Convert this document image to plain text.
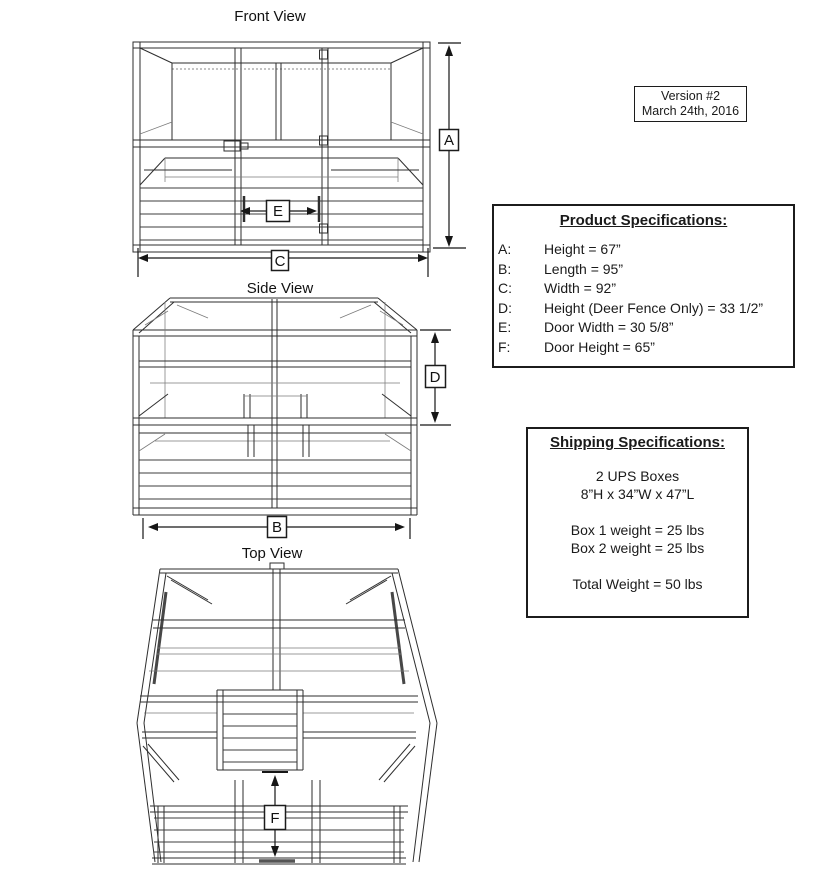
Front View
Side View
Top View
E
A
C
D
B
F
Version #2
March 24th, 2016
Product Specifications:
A:	Height = 67”
B:	Length = 95”
C:	Width = 92”
D:	Height (Deer Fence Only) = 33 1/2”
E:	Door Width = 30 5/8”
F:	Door Height = 65”
Shipping Specifications:
2 UPS Boxes
8”H x 34”W x 47”L
Box 1 weight = 25 lbs
Box 2 weight = 25 lbs
Total Weight = 50 lbs
